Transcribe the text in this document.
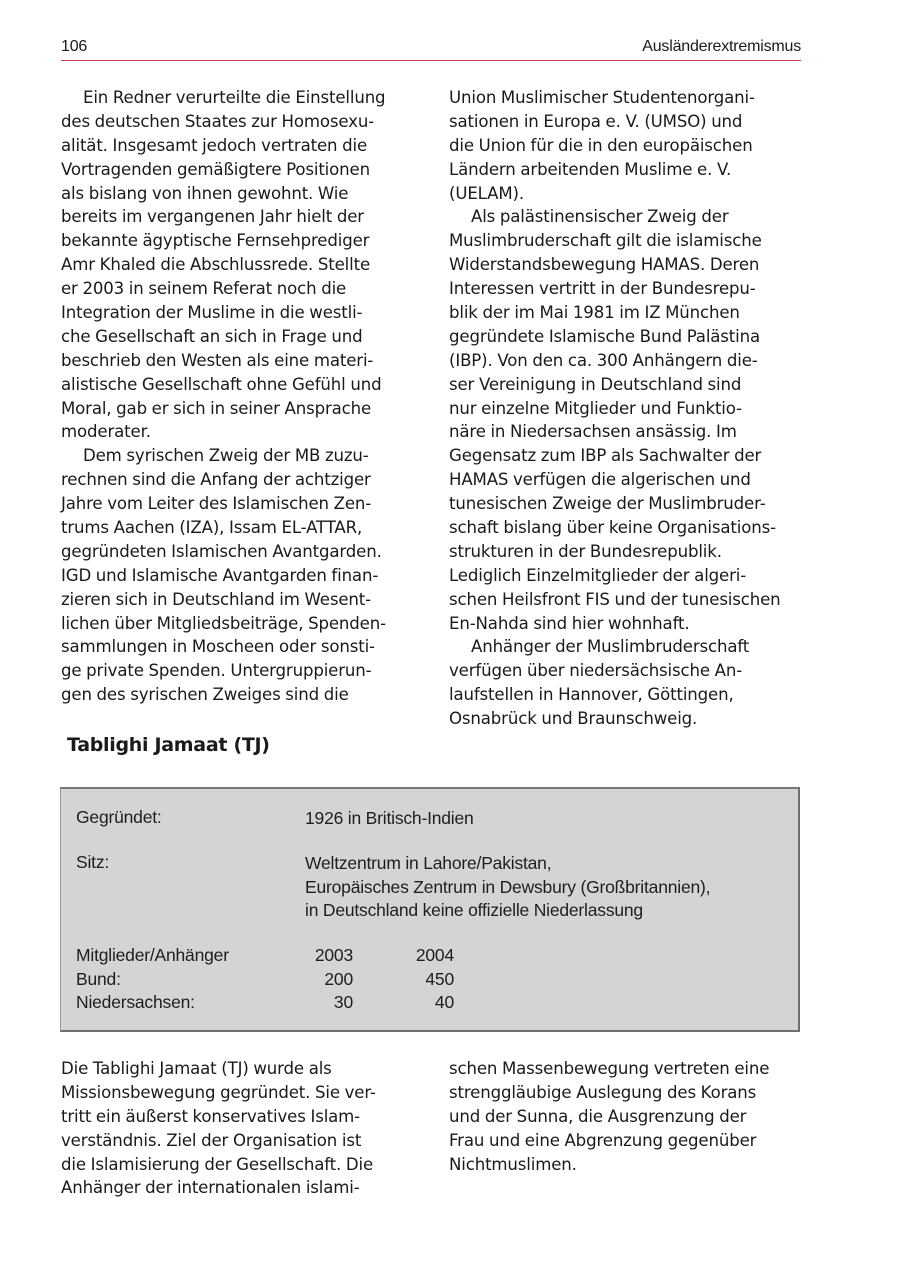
106	Ausländerextremismus
Ein Redner verurteilte die Einstellung
des deutschen Staates zur Homosexu-
alität. Insgesamt jedoch vertraten die
Vortragenden gemäßigtere Positionen
als bislang von ihnen gewohnt. Wie
bereits im vergangenen Jahr hielt der
bekannte ägyptische Fernsehprediger
Amr Khaled die Abschlussrede. Stellte
er 2003 in seinem Referat noch die
Integration der Muslime in die westli-
che Gesellschaft an sich in Frage und
beschrieb den Westen als eine materi-
alistische Gesellschaft ohne Gefühl und
Moral, gab er sich in seiner Ansprache
moderater.
Dem syrischen Zweig der MB zuzu-
rechnen sind die Anfang der achtziger
Jahre vom Leiter des Islamischen Zen-
trums Aachen (IZA), Issam EL-ATTAR,
gegründeten Islamischen Avantgarden.
IGD und Islamische Avantgarden finan-
zieren sich in Deutschland im Wesent-
lichen über Mitgliedsbeiträge, Spenden-
sammlungen in Moscheen oder sonsti-
ge private Spenden. Untergruppierun-
gen des syrischen Zweiges sind die
Union Muslimischer Studentenorgani-
sationen in Europa e. V. (UMSO) und
die Union für die in den europäischen
Ländern arbeitenden Muslime e. V.
(UELAM).
Als palästinensischer Zweig der
Muslimbruderschaft gilt die islamische
Widerstandsbewegung HAMAS. Deren
Interessen vertritt in der Bundesrepu-
blik der im Mai 1981 im IZ München
gegründete Islamische Bund Palästina
(IBP). Von den ca. 300 Anhängern die-
ser Vereinigung in Deutschland sind
nur einzelne Mitglieder und Funktio-
näre in Niedersachsen ansässig. Im
Gegensatz zum IBP als Sachwalter der
HAMAS verfügen die algerischen und
tunesischen Zweige der Muslimbruder-
schaft bislang über keine Organisations-
strukturen in der Bundesrepublik.
Lediglich Einzelmitglieder der algeri-
schen Heilsfront FIS und der tunesischen
En-Nahda sind hier wohnhaft.
Anhänger der Muslimbruderschaft
verfügen über niedersächsische An-
laufstellen in Hannover, Göttingen,
Osnabrück und Braunschweig.
Tablighi Jamaat (TJ)
Gegründet:	1926 in Britisch-Indien
Sitz:	Weltzentrum in Lahore/Pakistan,
Europäisches Zentrum in Dewsbury (Großbritannien),
in Deutschland keine offizielle Niederlassung
Mitglieder/Anhänger	2003	2004
Bund:	200	450
Niedersachsen:	30	40
Die Tablighi Jamaat (TJ) wurde als
Missionsbewegung gegründet. Sie ver-
tritt ein äußerst konservatives Islam-
verständnis. Ziel der Organisation ist
die Islamisierung der Gesellschaft. Die
Anhänger der internationalen islami-
schen Massenbewegung vertreten eine
strenggläubige Auslegung des Korans
und der Sunna, die Ausgrenzung der
Frau und eine Abgrenzung gegenüber
Nichtmuslimen.
